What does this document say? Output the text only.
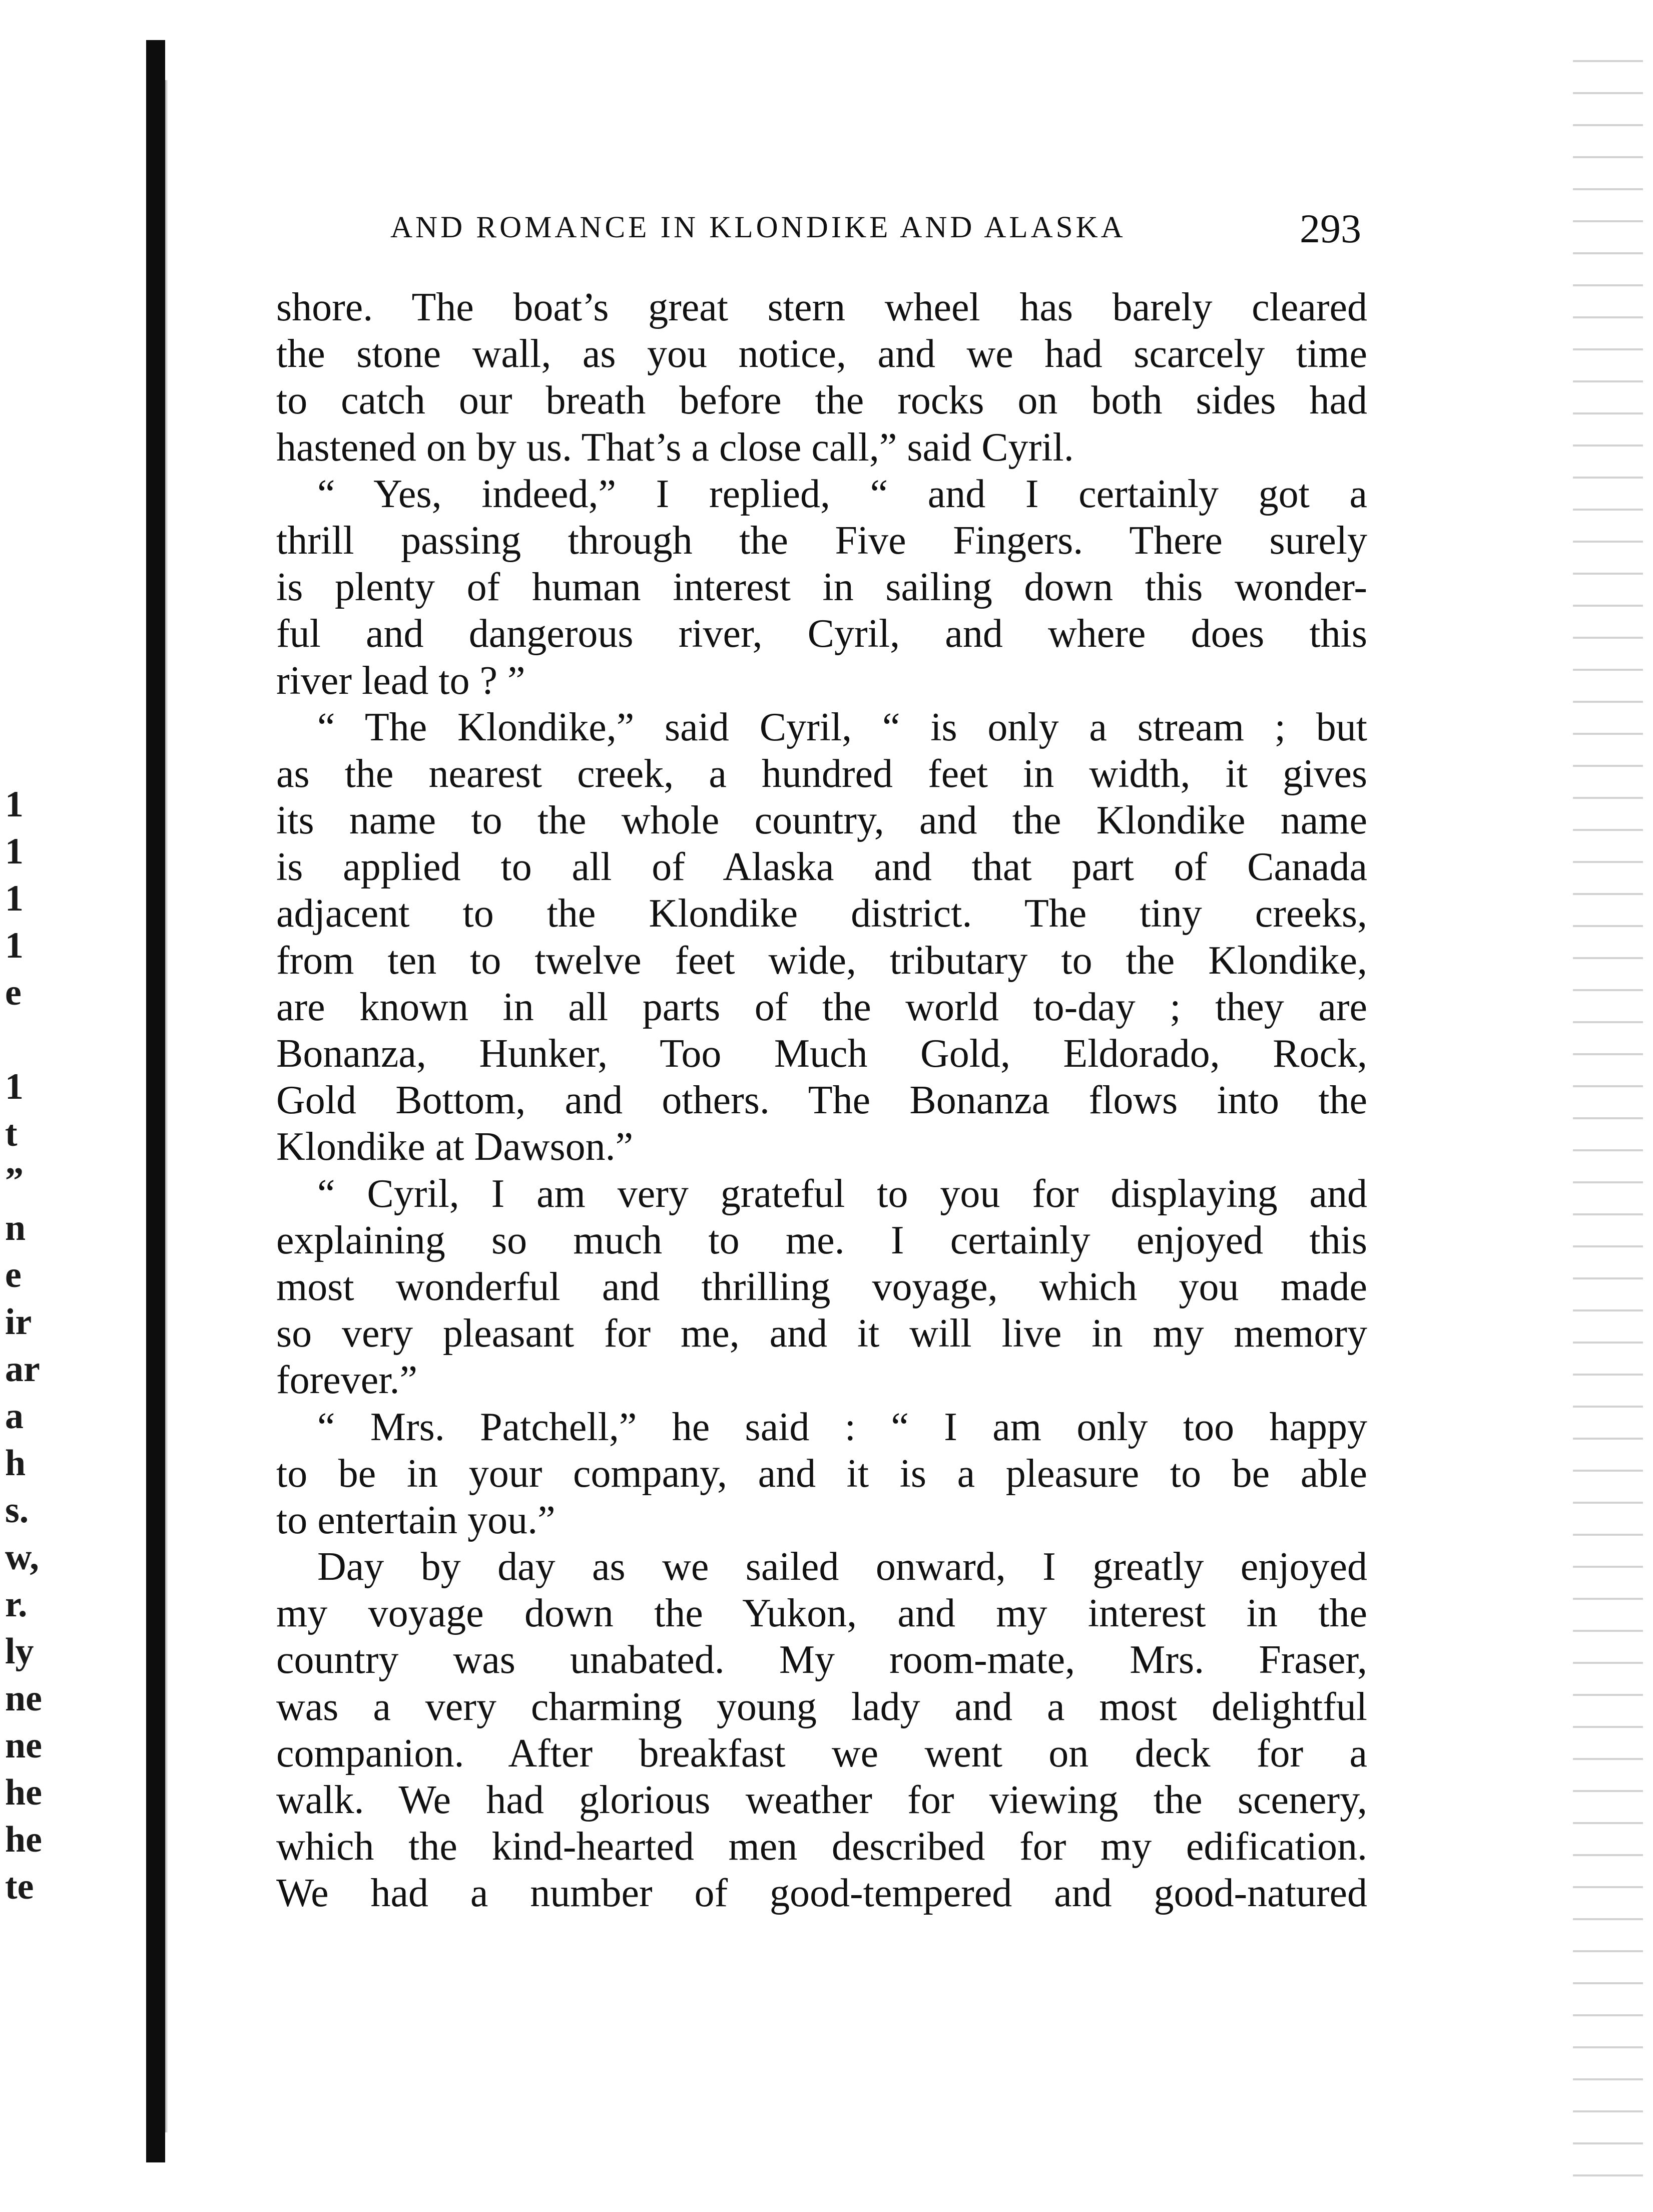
1
1
1
1
e
1
t
”
n
e
ir
ar
a
h
s.
w,
r.
ly
ne
ne
he
he
te
AND ROMANCE IN KLONDIKE AND ALASKA	293
shore. The boat’s great stern wheel has barely cleared
the stone wall, as you notice, and we had scarcely time
to catch our breath before the rocks on both sides had
hastened on by us. That’s a close call,” said Cyril.
“ Yes, indeed,” I replied, “ and I certainly got a
thrill passing through the Five Fingers. There surely
is plenty of human interest in sailing down this wonder-
ful and dangerous river, Cyril, and where does this
river lead to ? ”
“ The Klondike,” said Cyril, “ is only a stream ; but
as the nearest creek, a hundred feet in width, it gives
its name to the whole country, and the Klondike name
is applied to all of Alaska and that part of Canada
adjacent to the Klondike district. The tiny creeks,
from ten to twelve feet wide, tributary to the Klondike,
are known in all parts of the world to-day ; they are
Bonanza, Hunker, Too Much Gold, Eldorado, Rock,
Gold Bottom, and others. The Bonanza flows into the
Klondike at Dawson.”
“ Cyril, I am very grateful to you for displaying and
explaining so much to me. I certainly enjoyed this
most wonderful and thrilling voyage, which you made
so very pleasant for me, and it will live in my memory
forever.”
“ Mrs. Patchell,” he said : “ I am only too happy
to be in your company, and it is a pleasure to be able
to entertain you.”
Day by day as we sailed onward, I greatly enjoyed
my voyage down the Yukon, and my interest in the
country was unabated. My room-mate, Mrs. Fraser,
was a very charming young lady and a most delightful
companion. After breakfast we went on deck for a
walk. We had glorious weather for viewing the scenery,
which the kind-hearted men described for my edification.
We had a number of good-tempered and good-natured
